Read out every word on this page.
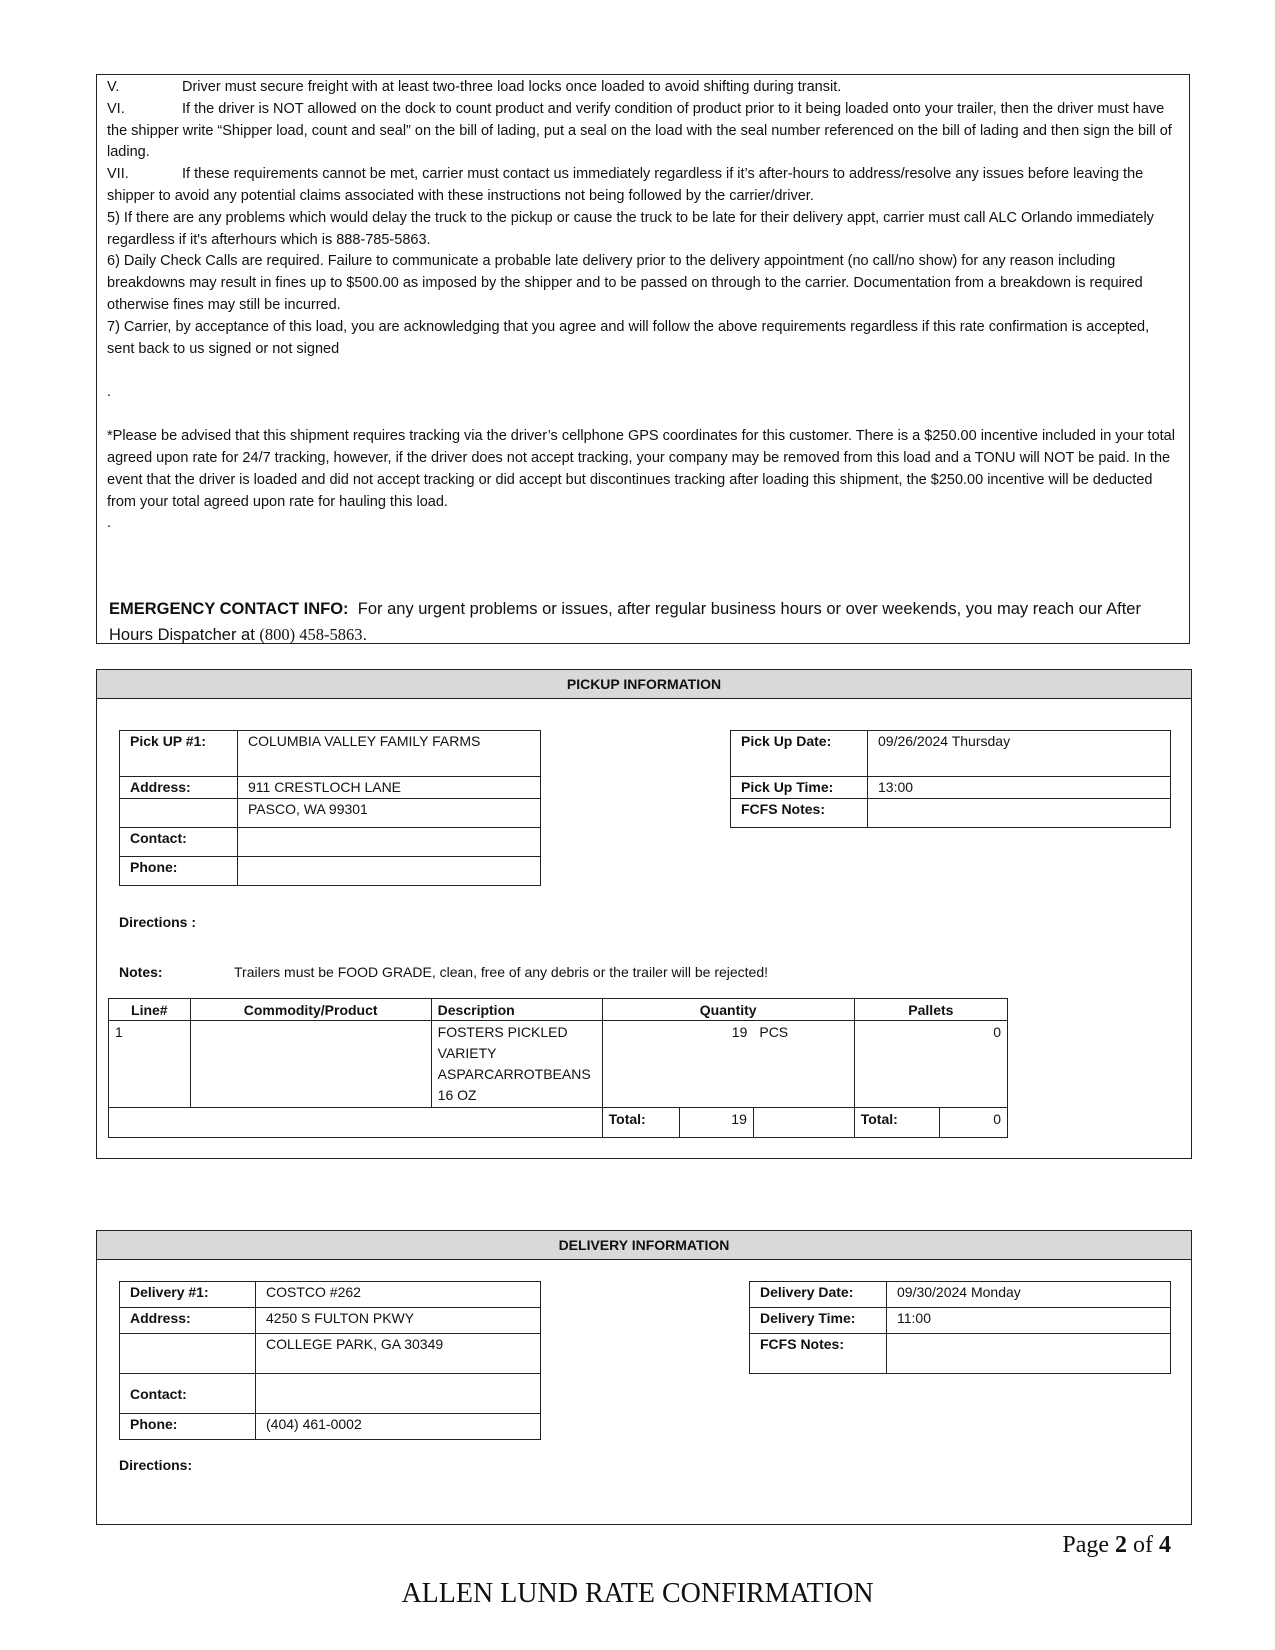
V.	Driver must secure freight with at least two-three load locks once loaded to avoid shifting during transit.

VI.	If the driver is NOT allowed on the dock to count product and verify condition of product prior to it being loaded onto your trailer, then the driver must have the shipper write “Shipper load, count and seal” on the bill of lading, put a seal on the load with the seal number referenced on the bill of lading and then sign the bill of lading.

VII.	If these requirements cannot be met, carrier must contact us immediately regardless if it’s after-hours to address/resolve any issues before leaving the shipper to avoid any potential claims associated with these instructions not being followed by the carrier/driver.

5) If there are any problems which would delay the truck to the pickup or cause the truck to be late for their delivery appt, carrier must call ALC Orlando immediately regardless if it's afterhours which is 888-785-5863.

6) Daily Check Calls are required. Failure to communicate a probable late delivery prior to the delivery appointment (no call/no show) for any reason including breakdowns may result in fines up to $500.00 as imposed by the shipper and to be passed on through to the carrier. Documentation from a breakdown is required otherwise fines may still be incurred.

7) Carrier, by acceptance of this load, you are acknowledging that you agree and will follow the above requirements regardless if this rate confirmation is accepted, sent back to us signed or not signed

.

*Please be advised that this shipment requires tracking via the driver’s cellphone GPS coordinates for this customer. There is a $250.00 incentive included in your total agreed upon rate for 24/7 tracking, however, if the driver does not accept tracking, your company may be removed from this load and a TONU will NOT be paid. In the event that the driver is loaded and did not accept tracking or did accept but discontinues tracking after loading this shipment, the $250.00 incentive will be deducted from your total agreed upon rate for hauling this load.

.

EMERGENCY CONTACT INFO: For any urgent problems or issues, after regular business hours or over weekends, you may reach our After Hours Dispatcher at (800) 458-5863.
PICKUP INFORMATION
Pick UP #1:	COLUMBIA VALLEY FAMILY FARMS
Address:	911 CRESTLOCH LANE
	PASCO, WA 99301
Contact:	
Phone:	
Pick Up Date:	09/26/2024 Thursday
Pick Up Time:	13:00
FCFS Notes:	
Directions :
Notes:	Trailers must be FOOD GRADE, clean, free of any debris or the trailer will be rejected!
Line#	Commodity/Product	Description	Quantity			Pallets	
1		FOSTERS PICKLED
VARIETY
ASPARCARROTBEANS
16 OZ	19		PCS	0	
			Total:	19		Total:	0
DELIVERY INFORMATION
Delivery #1:	COSTCO #262
Address:	4250 S FULTON PKWY
	COLLEGE PARK, GA 30349
Contact:	
Phone:	(404) 461-0002
Delivery Date:	09/30/2024 Monday
Delivery Time:	11:00
FCFS Notes:	
Directions:
Page 2 of 4
ALLEN LUND RATE CONFIRMATION
